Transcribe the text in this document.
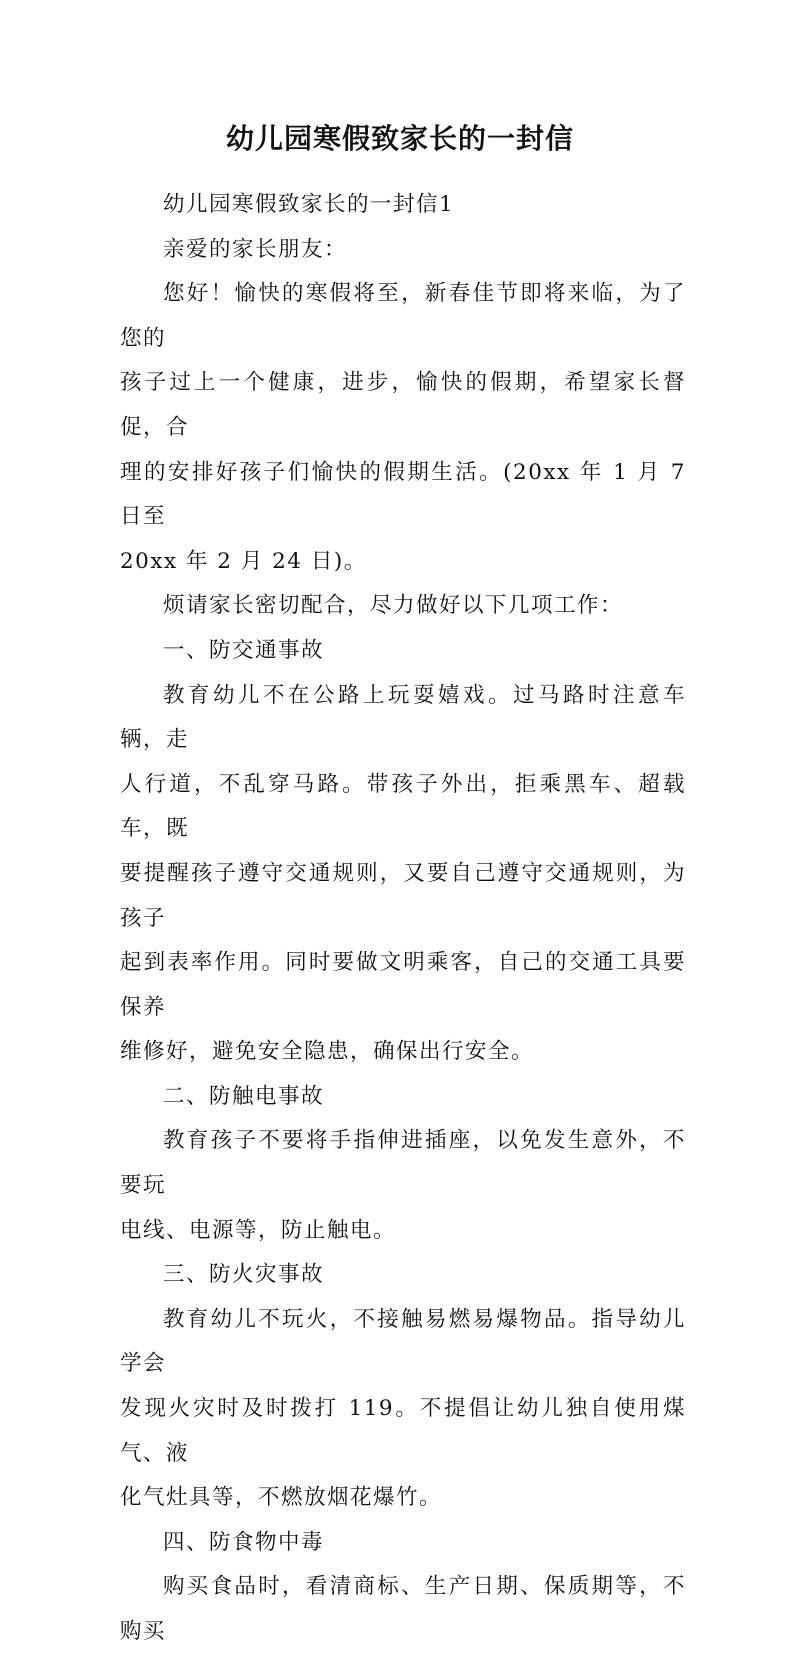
幼儿园寒假致家长的一封信

幼儿园寒假致家长的一封信1

亲爱的家长朋友：

您好！愉快的寒假将至，新春佳节即将来临，为了您的
孩子过上一个健康，进步，愉快的假期，希望家长督促，合
理的安排好孩子们愉快的假期生活。(20xx 年 1 月 7 日至
20xx 年 2 月 24 日)。

烦请家长密切配合，尽力做好以下几项工作：

一、防交通事故

教育幼儿不在公路上玩耍嬉戏。过马路时注意车辆，走
人行道，不乱穿马路。带孩子外出，拒乘黑车、超载车，既
要提醒孩子遵守交通规则，又要自己遵守交通规则，为孩子
起到表率作用。同时要做文明乘客，自己的交通工具要保养
维修好，避免安全隐患，确保出行安全。

二、防触电事故

教育孩子不要将手指伸进插座，以免发生意外，不要玩
电线、电源等，防止触电。

三、防火灾事故

教育幼儿不玩火，不接触易燃易爆物品。指导幼儿学会
发现火灾时及时拨打 119。不提倡让幼儿独自使用煤气、液
化气灶具等，不燃放烟花爆竹。

四、防食物中毒

购买食品时，看清商标、生产日期、保质期等，不购买
